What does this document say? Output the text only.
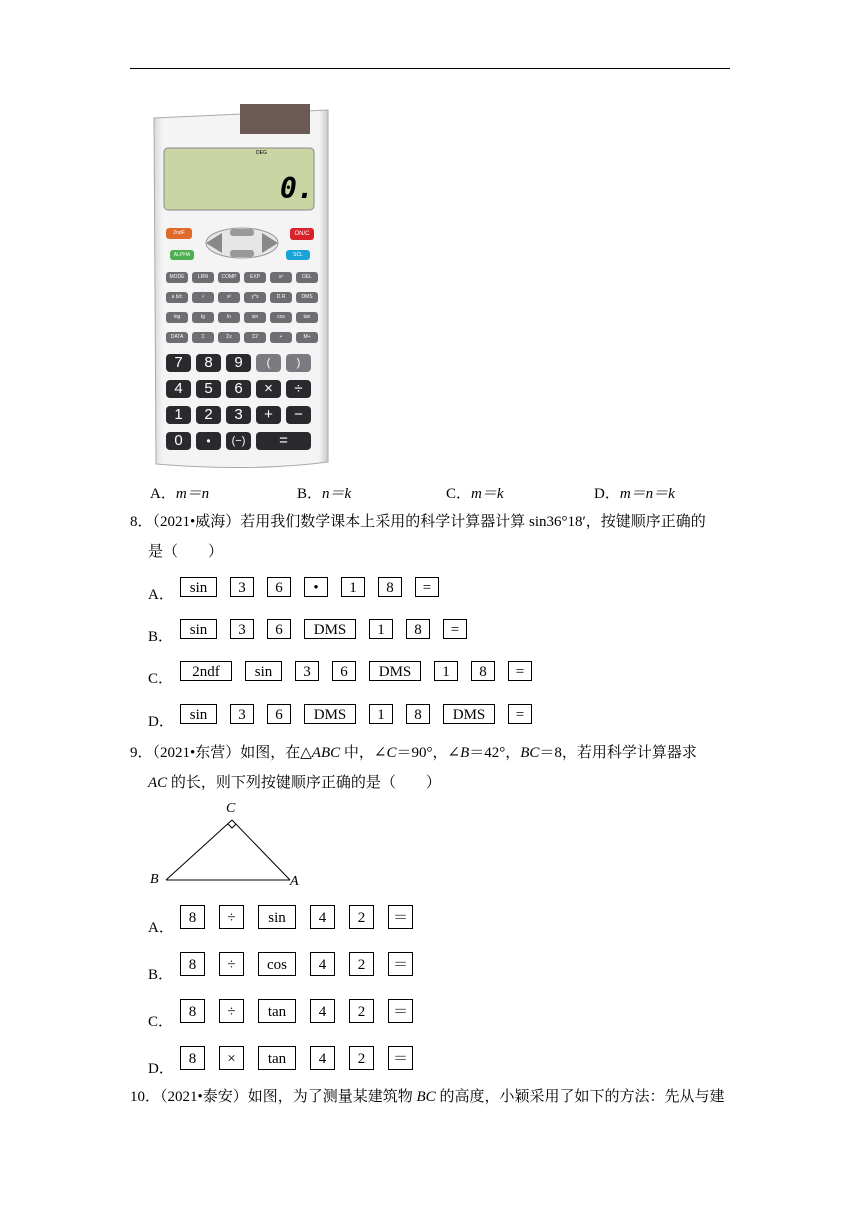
DEG
0.
2ndF
ALPHA
ON/C
SCL
MODE	LRN	COMP	EXP	x²	DEL
a b/c	√	x²	y^x	D.R	DMS
log	lg	ln	sin	cos	tan
DATA	Σ	Σx	Σ2	+	M+
7	8	9	(	)
4	5	6	×	÷
1	2	3	+	−
0	•	(−)	=
A．m＝n	B．n＝k	C．m＝k	D．m＝n＝k
8．（2021•威海）若用我们数学课本上采用的科学计算器计算 sin36°18′，按键顺序正确的
是（　　）
A．	sin	3	6	•	1	8	=
B．	sin	3	6	DMS	1	8	=
C．	2ndf	sin	3	6	DMS	1	8	=
D．	sin	3	6	DMS	1	8	DMS	=
9．（2021•东营）如图，在△ABC 中，∠C＝90°，∠B＝42°，BC＝8，若用科学计算器求
AC 的长，则下列按键顺序正确的是（　　）
C
B	A
A．
8	÷	sin	4	2	＝
B．
8	÷	cos	4	2	＝
C．
8	÷	tan	4	2	＝
D．
8	×	tan	4	2	＝
10．（2021•泰安）如图，为了测量某建筑物 BC 的高度，小颖采用了如下的方法：先从与建
